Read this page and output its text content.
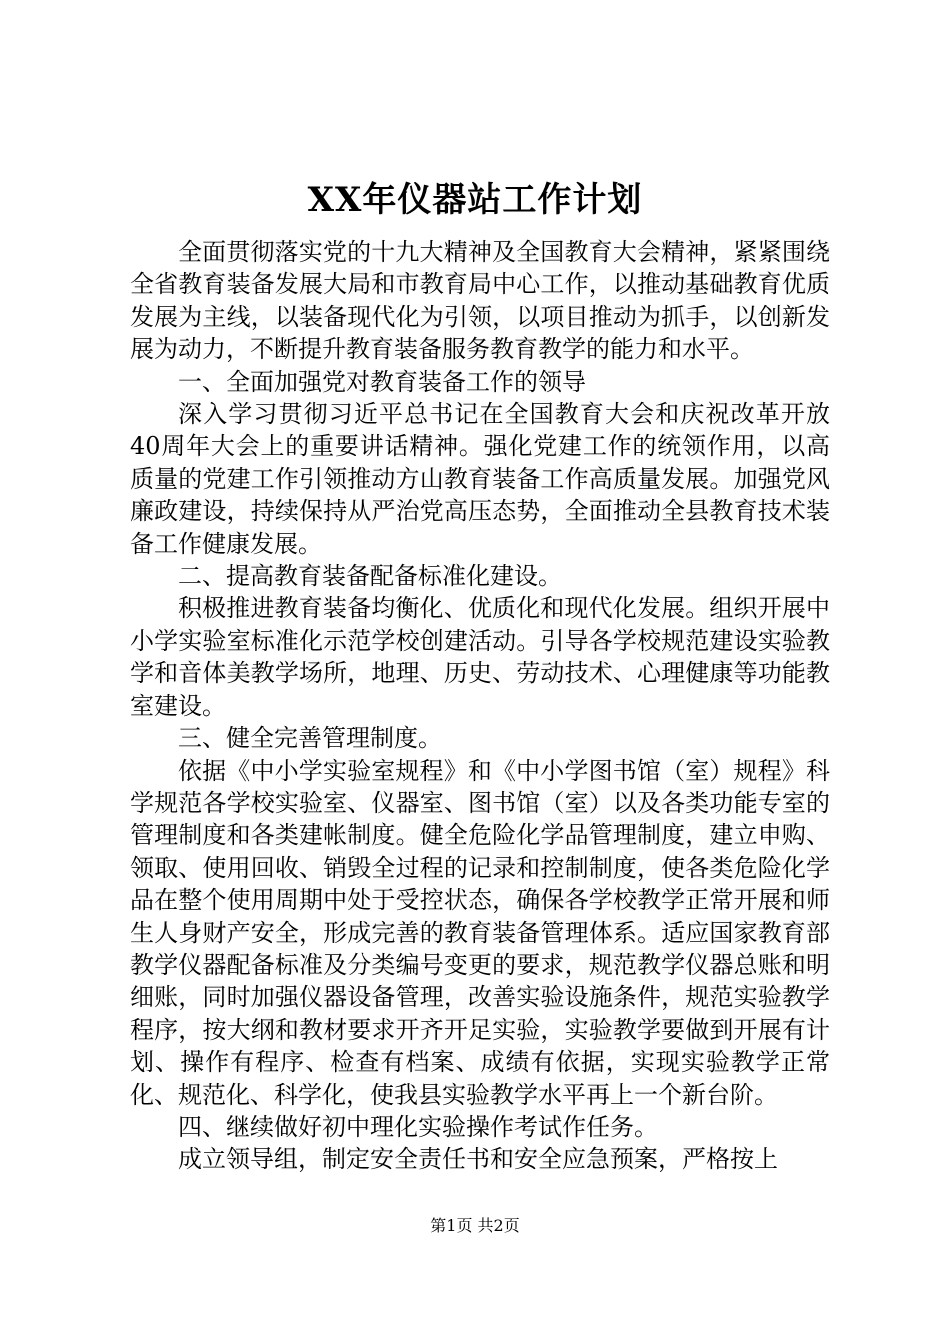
XX年仪器站工作计划

全面贯彻落实党的十九大精神及全国教育大会精神，紧紧围绕全省教育装备发展大局和市教育局中心工作，以推动基础教育优质发展为主线，以装备现代化为引领，以项目推动为抓手，以创新发展为动力，不断提升教育装备服务教育教学的能力和水平。

一、全面加强党对教育装备工作的领导

深入学习贯彻习近平总书记在全国教育大会和庆祝改革开放40周年大会上的重要讲话精神。强化党建工作的统领作用，以高质量的党建工作引领推动方山教育装备工作高质量发展。加强党风廉政建设，持续保持从严治党高压态势，全面推动全县教育技术装备工作健康发展。

二、提高教育装备配备标准化建设。

积极推进教育装备均衡化、优质化和现代化发展。组织开展中小学实验室标准化示范学校创建活动。引导各学校规范建设实验教学和音体美教学场所，地理、历史、劳动技术、心理健康等功能教室建设。

三、健全完善管理制度。

依据《中小学实验室规程》和《中小学图书馆（室）规程》科学规范各学校实验室、仪器室、图书馆（室）以及各类功能专室的管理制度和各类建帐制度。健全危险化学品管理制度，建立申购、领取、使用回收、销毁全过程的记录和控制制度，使各类危险化学品在整个使用周期中处于受控状态，确保各学校教学正常开展和师生人身财产安全，形成完善的教育装备管理体系。适应国家教育部教学仪器配备标准及分类编号变更的要求，规范教学仪器总账和明细账，同时加强仪器设备管理，改善实验设施条件，规范实验教学程序，按大纲和教材要求开齐开足实验，实验教学要做到开展有计划、操作有程序、检查有档案、成绩有依据，实现实验教学正常化、规范化、科学化，使我县实验教学水平再上一个新台阶。

四、继续做好初中理化实验操作考试作任务。

成立领导组，制定安全责任书和安全应急预案，严格按上

第1页 共2页
